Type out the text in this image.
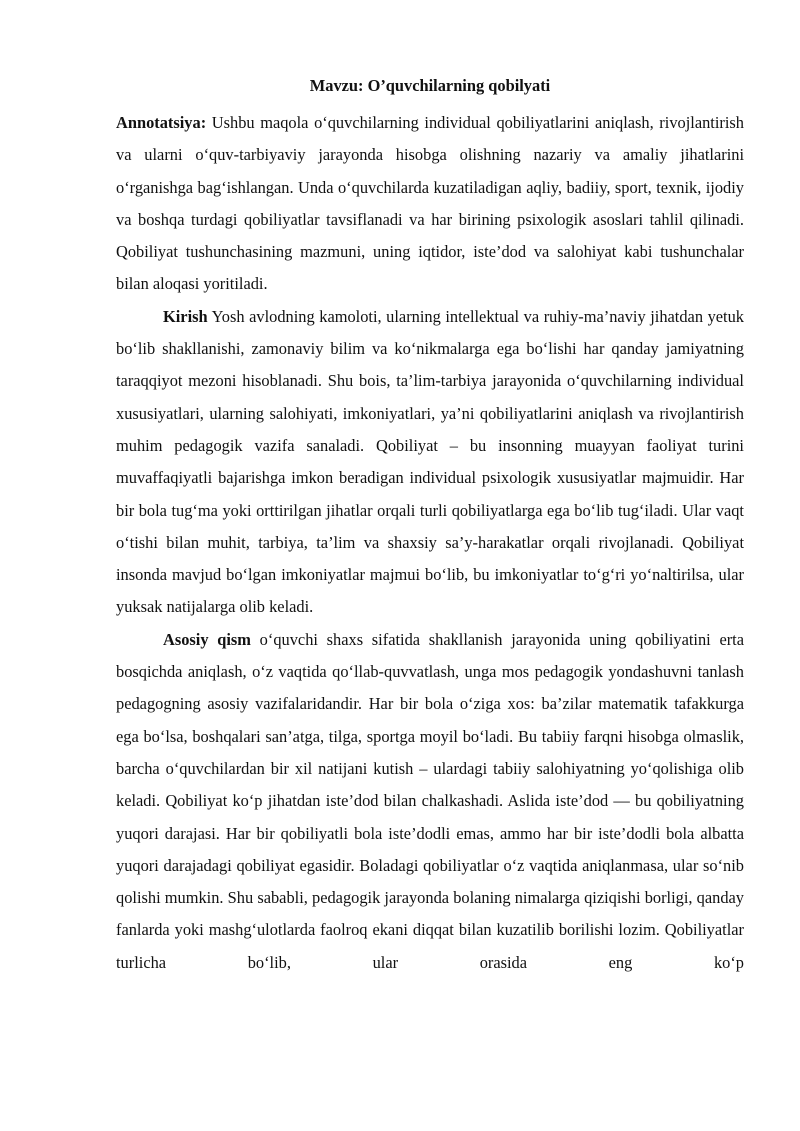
Mavzu: O’quvchilarning qobilyati

Annotatsiya: Ushbu maqola o‘quvchilarning individual qobiliyatlarini aniqlash, rivojlantirish va ularni o‘quv-tarbiyaviy jarayonda hisobga olishning nazariy va amaliy jihatlarini o‘rganishga bag‘ishlangan. Unda o‘quvchilarda kuzatiladigan aqliy, badiiy, sport, texnik, ijodiy va boshqa turdagi qobiliyatlar tavsiflanadi va har birining psixologik asoslari tahlil qilinadi. Qobiliyat tushunchasining mazmuni, uning iqtidor, iste’dod va salohiyat kabi tushunchalar bilan aloqasi yoritiladi.

Kirish Yosh avlodning kamoloti, ularning intellektual va ruhiy-ma’naviy jihatdan yetuk bo‘lib shakllanishi, zamonaviy bilim va ko‘nikmalarga ega bo‘lishi har qanday jamiyatning taraqqiyot mezoni hisoblanadi. Shu bois, ta’lim-tarbiya jarayonida o‘quvchilarning individual xususiyatlari, ularning salohiyati, imkoniyatlari, ya’ni qobiliyatlarini aniqlash va rivojlantirish muhim pedagogik vazifa sanaladi. Qobiliyat – bu insonning muayyan faoliyat turini muvaffaqiyatli bajarishga imkon beradigan individual psixologik xususiyatlar majmuidir. Har bir bola tug‘ma yoki orttirilgan jihatlar orqali turli qobiliyatlarga ega bo‘lib tug‘iladi. Ular vaqt o‘tishi bilan muhit, tarbiya, ta’lim va shaxsiy sa’y-harakatlar orqali rivojlanadi. Qobiliyat insonda mavjud bo‘lgan imkoniyatlar majmui bo‘lib, bu imkoniyatlar to‘g‘ri yo‘naltirilsa, ular yuksak natijalarga olib keladi.

Asosiy qism o‘quvchi shaxs sifatida shakllanish jarayonida uning qobiliyatini erta bosqichda aniqlash, o‘z vaqtida qo‘llab-quvvatlash, unga mos pedagogik yondashuvni tanlash pedagogning asosiy vazifalaridandir. Har bir bola o‘ziga xos: ba’zilar matematik tafakkurga ega bo‘lsa, boshqalari san’atga, tilga, sportga moyil bo‘ladi. Bu tabiiy farqni hisobga olmaslik, barcha o‘quvchilardan bir xil natijani kutish – ulardagi tabiiy salohiyatning yo‘qolishiga olib keladi. Qobiliyat ko‘p jihatdan iste’dod bilan chalkashadi. Aslida iste’dod — bu qobiliyatning yuqori darajasi. Har bir qobiliyatli bola iste’dodli emas, ammo har bir iste’dodli bola albatta yuqori darajadagi qobiliyat egasidir. Boladagi qobiliyatlar o‘z vaqtida aniqlanmasa, ular so‘nib qolishi mumkin. Shu sababli, pedagogik jarayonda bolaning nimalarga qiziqishi borligi, qanday fanlarda yoki mashg‘ulotlarda faolroq ekani diqqat bilan kuzatilib borilishi lozim. Qobiliyatlar turlicha bo‘lib, ular orasida eng ko‘p
